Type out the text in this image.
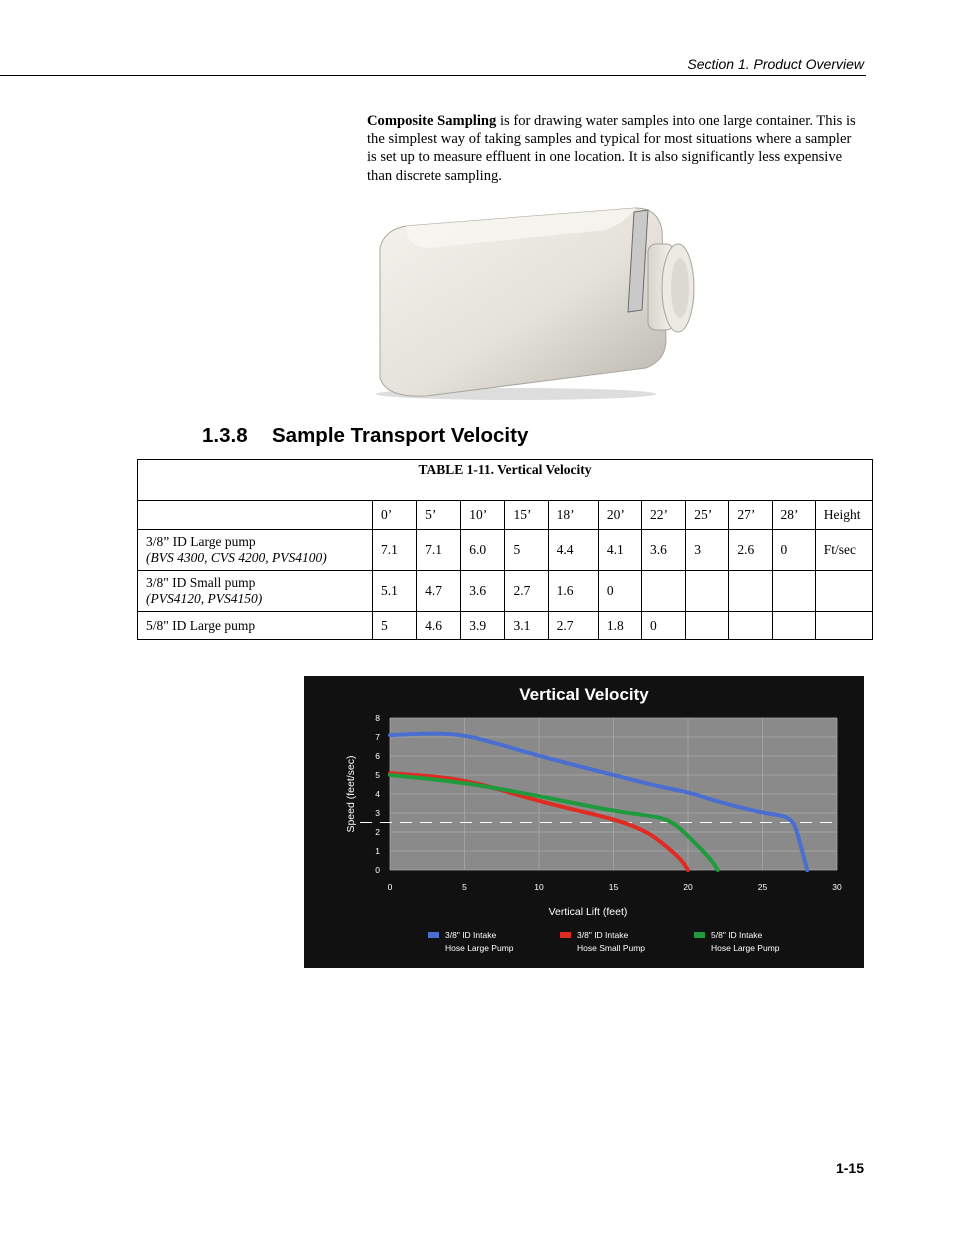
Section 1. Product Overview
Composite Sampling is for drawing water samples into one large container. This is the simplest way of taking samples and typical for most situations where a sampler is set up to measure effluent in one location. It is also significantly less expensive than discrete sampling.
1.3.8 Sample Transport Velocity
TABLE 1-11. Vertical Velocity											
	0’	5’	10’	15’	18’	20’	22’	25’	27’	28’	Height
3/8” ID Large pump
(BVS 4300, CVS 4200, PVS4100)	7.1	7.1	6.0	5	4.4	4.1	3.6	3	2.6	0	Ft/sec
3/8" ID Small pump
(PVS4120, PVS4150)	5.1	4.7	3.6	2.7	1.6	0					
5/8" ID Large pump	5	4.6	3.9	3.1	2.7	1.8	0				
Vertical Velocity
0
1
2
3
4
5
6
7
8
0	5	10	15	20	25	30
Vertical Lift (feet)
Speed (feet/sec)
3/8" ID Intake
Hose Large Pump
3/8" ID Intake
Hose Small Pump
5/8" ID Intake
Hose Large Pump
1-15
